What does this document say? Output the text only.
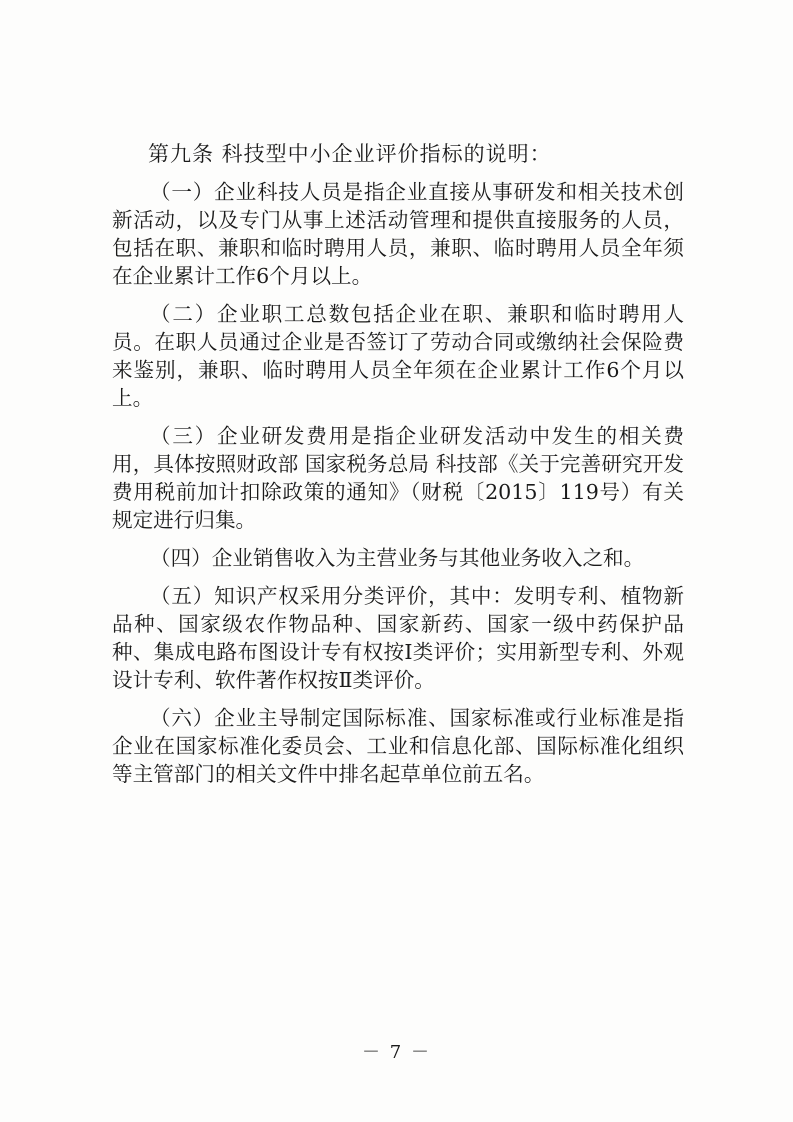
第九条 科技型中小企业评价指标的说明：

（一）企业科技人员是指企业直接从事研发和相关技术创新活动，以及专门从事上述活动管理和提供直接服务的人员，包括在职、兼职和临时聘用人员，兼职、临时聘用人员全年须在企业累计工作6个月以上。

（二）企业职工总数包括企业在职、兼职和临时聘用人员。在职人员通过企业是否签订了劳动合同或缴纳社会保险费来鉴别，兼职、临时聘用人员全年须在企业累计工作6个月以上。

（三）企业研发费用是指企业研发活动中发生的相关费用，具体按照财政部 国家税务总局 科技部《关于完善研究开发费用税前加计扣除政策的通知》（财税〔2015〕119号）有关规定进行归集。

（四）企业销售收入为主营业务与其他业务收入之和。

（五）知识产权采用分类评价，其中：发明专利、植物新品种、国家级农作物品种、国家新药、国家一级中药保护品种、集成电路布图设计专有权按Ⅰ类评价；实用新型专利、外观设计专利、软件著作权按Ⅱ类评价。

（六）企业主导制定国际标准、国家标准或行业标准是指企业在国家标准化委员会、工业和信息化部、国际标准化组织等主管部门的相关文件中排名起草单位前五名。

－ 7 －
